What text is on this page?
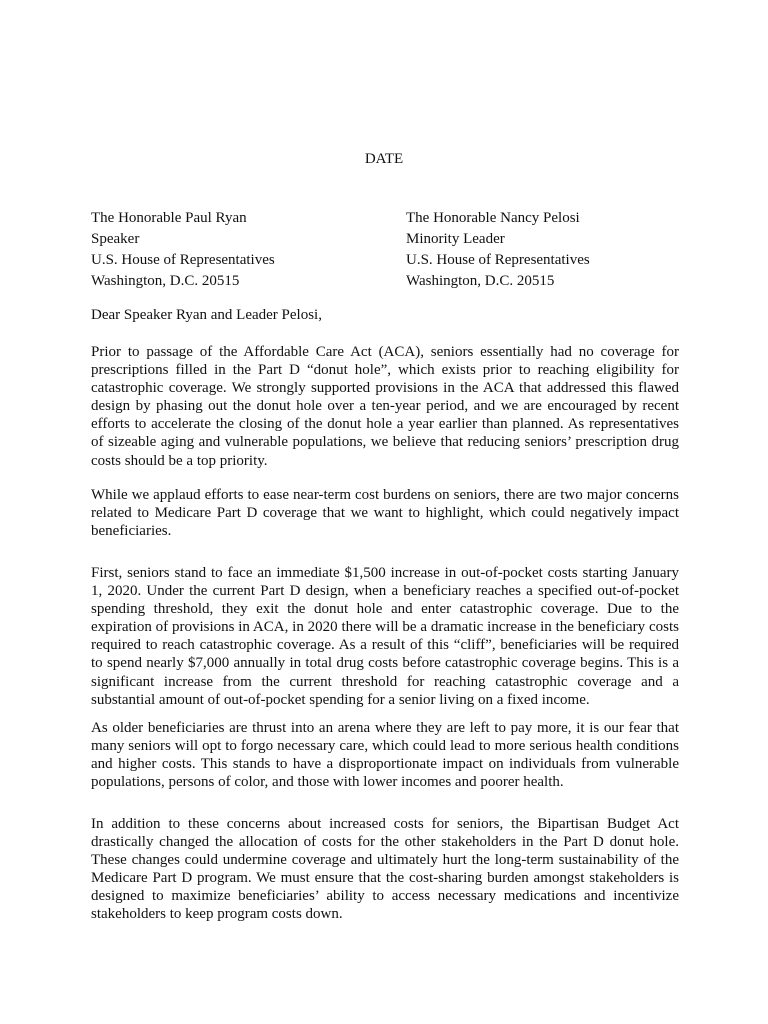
DATE
The Honorable Paul Ryan
Speaker
U.S. House of Representatives
Washington, D.C. 20515
The Honorable Nancy Pelosi
Minority Leader
U.S. House of Representatives
Washington, D.C. 20515
Dear Speaker Ryan and Leader Pelosi,

Prior to passage of the Affordable Care Act (ACA), seniors essentially had no coverage for prescriptions filled in the Part D “donut hole”, which exists prior to reaching eligibility for catastrophic coverage. We strongly supported provisions in the ACA that addressed this flawed design by phasing out the donut hole over a ten-year period, and we are encouraged by recent efforts to accelerate the closing of the donut hole a year earlier than planned. As representatives of sizeable aging and vulnerable populations, we believe that reducing seniors’ prescription drug costs should be a top priority.

While we applaud efforts to ease near-term cost burdens on seniors, there are two major concerns related to Medicare Part D coverage that we want to highlight, which could negatively impact beneficiaries.

First, seniors stand to face an immediate $1,500 increase in out-of-pocket costs starting January 1, 2020. Under the current Part D design, when a beneficiary reaches a specified out-of-pocket spending threshold, they exit the donut hole and enter catastrophic coverage. Due to the expiration of provisions in ACA, in 2020 there will be a dramatic increase in the beneficiary costs required to reach catastrophic coverage. As a result of this “cliff”, beneficiaries will be required to spend nearly $7,000 annually in total drug costs before catastrophic coverage begins. This is a significant increase from the current threshold for reaching catastrophic coverage and a substantial amount of out-of-pocket spending for a senior living on a fixed income.

As older beneficiaries are thrust into an arena where they are left to pay more, it is our fear that many seniors will opt to forgo necessary care, which could lead to more serious health conditions and higher costs. This stands to have a disproportionate impact on individuals from vulnerable populations, persons of color, and those with lower incomes and poorer health.

In addition to these concerns about increased costs for seniors, the Bipartisan Budget Act drastically changed the allocation of costs for the other stakeholders in the Part D donut hole. These changes could undermine coverage and ultimately hurt the long-term sustainability of the Medicare Part D program. We must ensure that the cost-sharing burden amongst stakeholders is designed to maximize beneficiaries’ ability to access necessary medications and incentivize stakeholders to keep program costs down.
